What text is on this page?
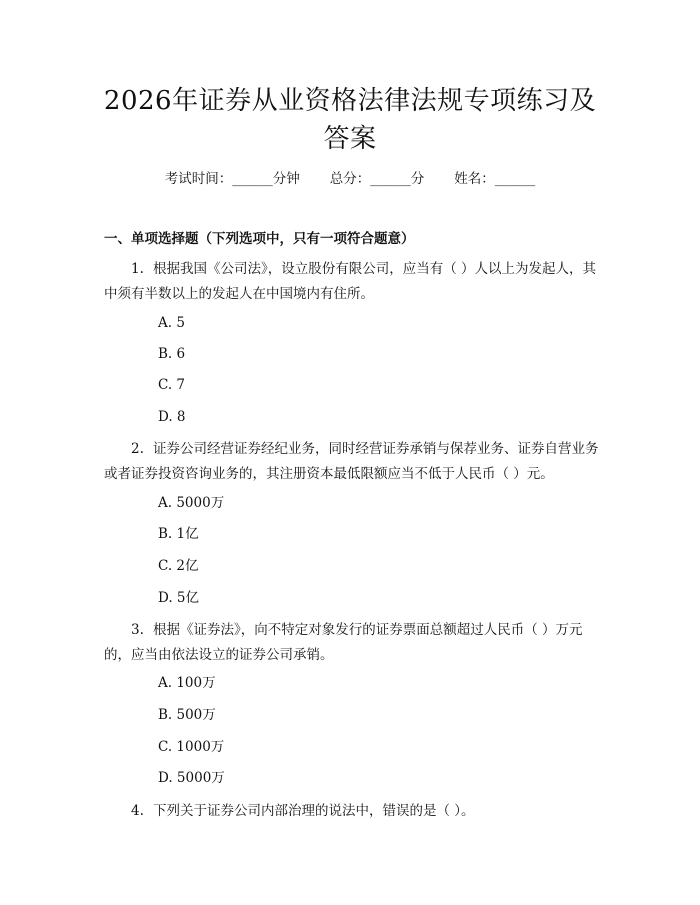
2026年证券从业资格法律法规专项练习及答案
考试时间：______分钟 总分：______分 姓名：______
一、单项选择题（下列选项中，只有一项符合题意）
1. 根据我国《公司法》，设立股份有限公司，应当有（ ）人以上为发起人，其中须有半数以上的发起人在中国境内有住所。
A. 5
B. 6
C. 7
D. 8
2. 证券公司经营证券经纪业务，同时经营证券承销与保荐业务、证券自营业务或者证券投资咨询业务的，其注册资本最低限额应当不低于人民币（ ）元。
A. 5000万
B. 1亿
C. 2亿
D. 5亿
3. 根据《证券法》，向不特定对象发行的证券票面总额超过人民币（ ）万元的，应当由依法设立的证券公司承销。
A. 100万
B. 500万
C. 1000万
D. 5000万
4. 下列关于证券公司内部治理的说法中，错误的是（ ）。
